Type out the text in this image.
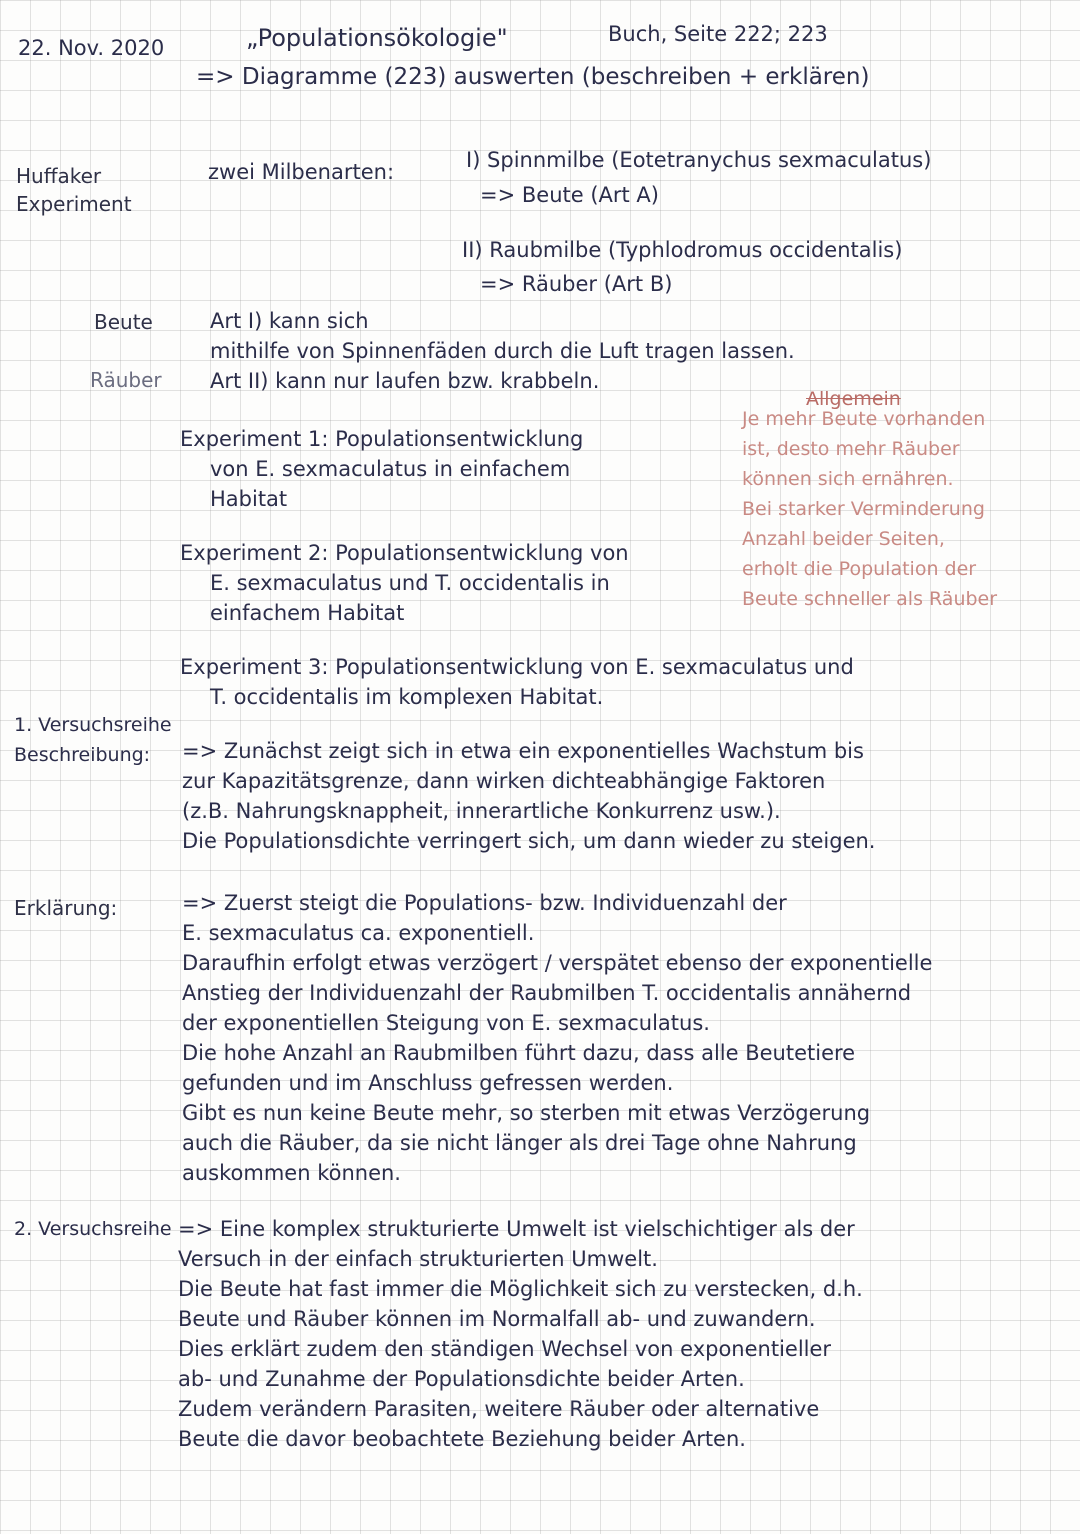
22. Nov. 2020	„Populationsökologie"	Buch, Seite 222; 223
=> Diagramme (223) auswerten (beschreiben + erklären)
Huffaker
Experiment
zwei Milbenarten:	I) Spinnmilbe (Eotetranychus sexmaculatus)
=> Beute (Art A)
II) Raubmilbe (Typhlodromus occidentalis)
=> Räuber (Art B)
Beute
Räuber
Art I) kann sich
mithilfe von Spinnenfäden durch die Luft tragen lassen.
Art II) kann nur laufen bzw. krabbeln.
Experiment 1: Populationsentwicklung
von E. sexmaculatus in einfachem
Habitat
Experiment 2: Populationsentwicklung von
E. sexmaculatus und T. occidentalis in
einfachem Habitat
Experiment 3: Populationsentwicklung von E. sexmaculatus und
T. occidentalis im komplexen Habitat.
Allgemein
Je mehr Beute vorhanden
ist, desto mehr Räuber
können sich ernähren.
Bei starker Verminderung
Anzahl beider Seiten,
erholt die Population der
Beute schneller als Räuber
1. Versuchsreihe
Beschreibung: => Zunächst zeigt sich in etwa ein exponentielles Wachstum bis
zur Kapazitätsgrenze, dann wirken dichteabhängige Faktoren
(z.B. Nahrungsknappheit, innerartliche Konkurrenz usw.).
Die Populationsdichte verringert sich, um dann wieder zu steigen.
Erklärung:	=> Zuerst steigt die Populations- bzw. Individuenzahl der
E. sexmaculatus ca. exponentiell.
Daraufhin erfolgt etwas verzögert / verspätet ebenso der exponentielle
Anstieg der Individuenzahl der Raubmilben T. occidentalis annähernd
der exponentiellen Steigung von E. sexmaculatus.
Die hohe Anzahl an Raubmilben führt dazu, dass alle Beutetiere
gefunden und im Anschluss gefressen werden.
Gibt es nun keine Beute mehr, so sterben mit etwas Verzögerung
auch die Räuber, da sie nicht länger als drei Tage ohne Nahrung
auskommen können.
2. Versuchsreihe => Eine komplex strukturierte Umwelt ist vielschichtiger als der
Versuch in der einfach strukturierten Umwelt.
Die Beute hat fast immer die Möglichkeit sich zu verstecken, d.h.
Beute und Räuber können im Normalfall ab- und zuwandern.
Dies erklärt zudem den ständigen Wechsel von exponentieller
ab- und Zunahme der Populationsdichte beider Arten.
Zudem verändern Parasiten, weitere Räuber oder alternative
Beute die davor beobachtete Beziehung beider Arten.
